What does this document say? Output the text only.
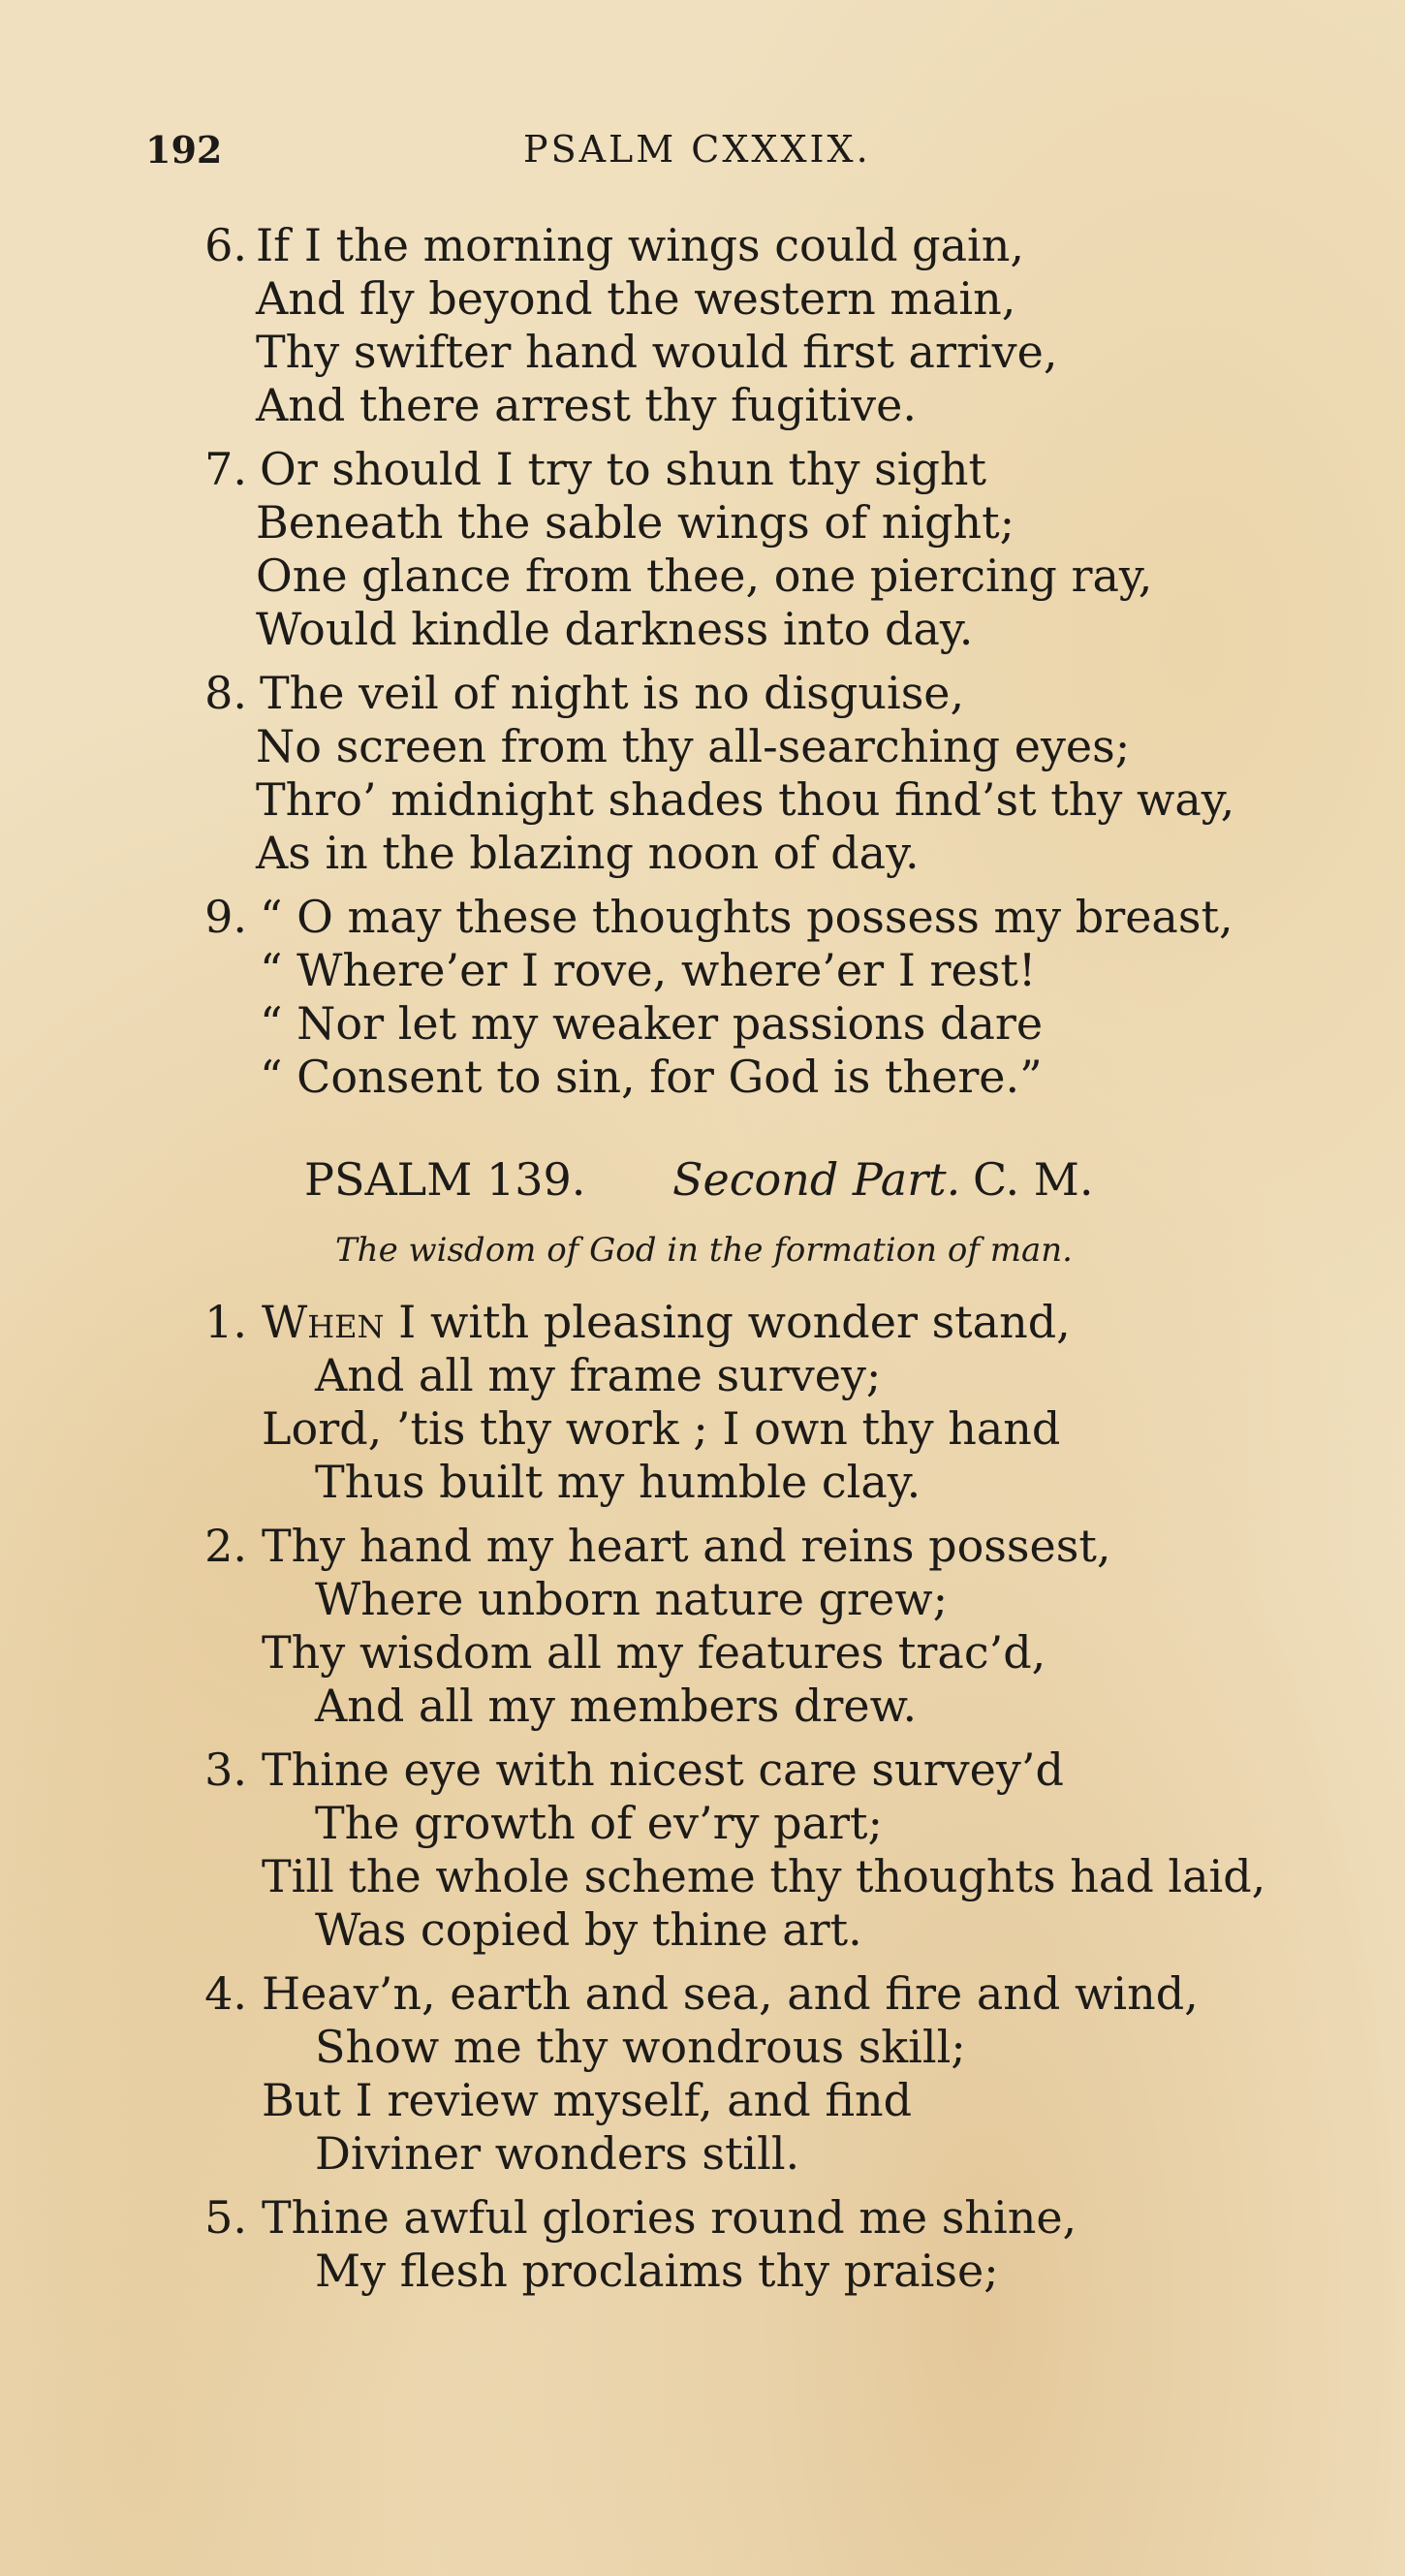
192	PSALM CXXXIX.
6. If I the morning wings could gain,
And fly beyond the western main,
Thy swifter hand would first arrive,
And there arrest thy fugitive.
7. Or should I try to shun thy sight
Beneath the sable wings of night;
One glance from thee, one piercing ray,
Would kindle darkness into day.
8. The veil of night is no disguise,
No screen from thy all-searching eyes;
Thro’ midnight shades thou find’st thy way,
As in the blazing noon of day.
9. “ O may these thoughts possess my breast,
“ Where’er I rove, where’er I rest!
“ Nor let my weaker passions dare
“ Consent to sin, for God is there.”
PSALM 139. Second Part. C. M.
The wisdom of God in the formation of man.
1. When I with pleasing wonder stand,
And all my frame survey;
Lord, ’tis thy work ; I own thy hand
Thus built my humble clay.
2. Thy hand my heart and reins possest,
Where unborn nature grew;
Thy wisdom all my features trac’d,
And all my members drew.
3. Thine eye with nicest care survey’d
The growth of ev’ry part;
Till the whole scheme thy thoughts had laid,
Was copied by thine art.
4. Heav’n, earth and sea, and fire and wind,
Show me thy wondrous skill;
But I review myself, and find
Diviner wonders still.
5. Thine awful glories round me shine,
My flesh proclaims thy praise;
